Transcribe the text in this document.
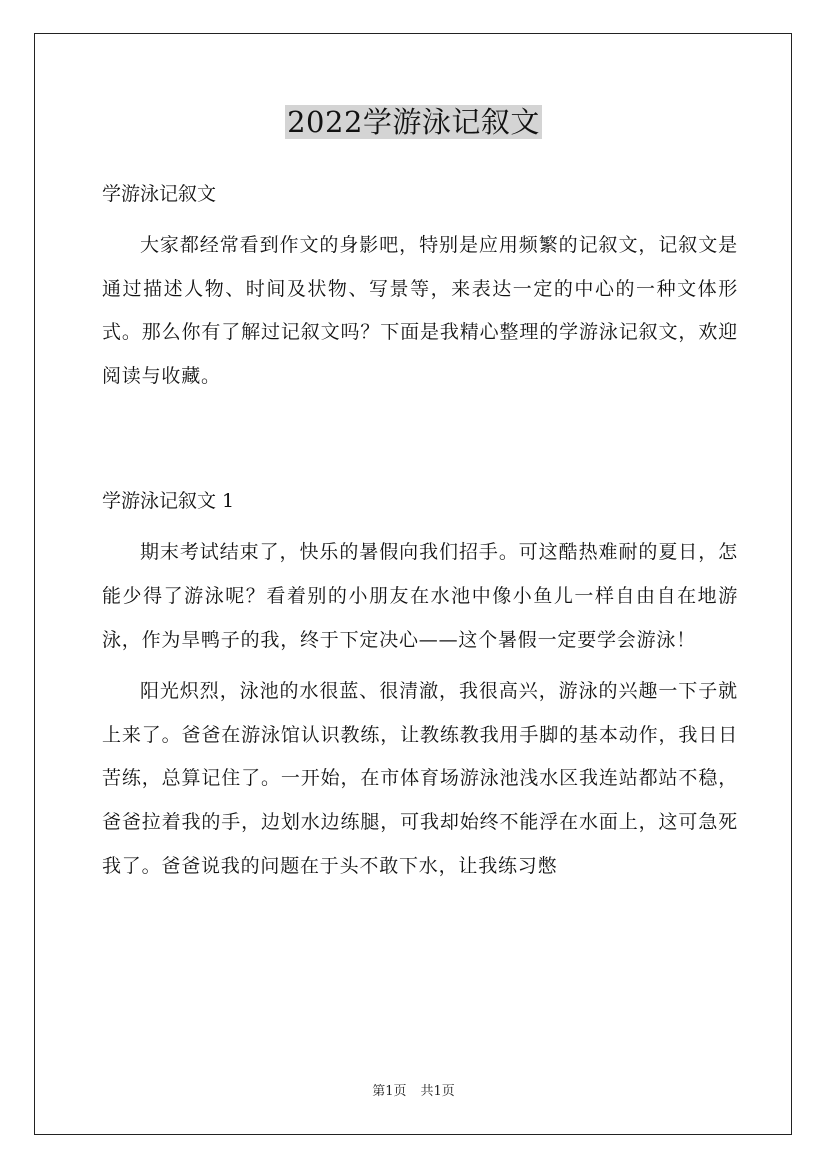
2022学游泳记叙文

学游泳记叙文

大家都经常看到作文的身影吧，特别是应用频繁的记叙文，记叙文是通过描述人物、时间及状物、写景等，来表达一定的中心的一种文体形式。那么你有了解过记叙文吗？下面是我精心整理的学游泳记叙文，欢迎阅读与收藏。

学游泳记叙文 1

期末考试结束了，快乐的暑假向我们招手。可这酷热难耐的夏日，怎能少得了游泳呢？看着别的小朋友在水池中像小鱼儿一样自由自在地游泳，作为旱鸭子的我，终于下定决心——这个暑假一定要学会游泳！

阳光炽烈，泳池的水很蓝、很清澈，我很高兴，游泳的兴趣一下子就上来了。爸爸在游泳馆认识教练，让教练教我用手脚的基本动作，我日日苦练，总算记住了。一开始，在市体育场游泳池浅水区我连站都站不稳，爸爸拉着我的手，边划水边练腿，可我却始终不能浮在水面上，这可急死我了。爸爸说我的问题在于头不敢下水，让我练习憋

第1页 共1页
